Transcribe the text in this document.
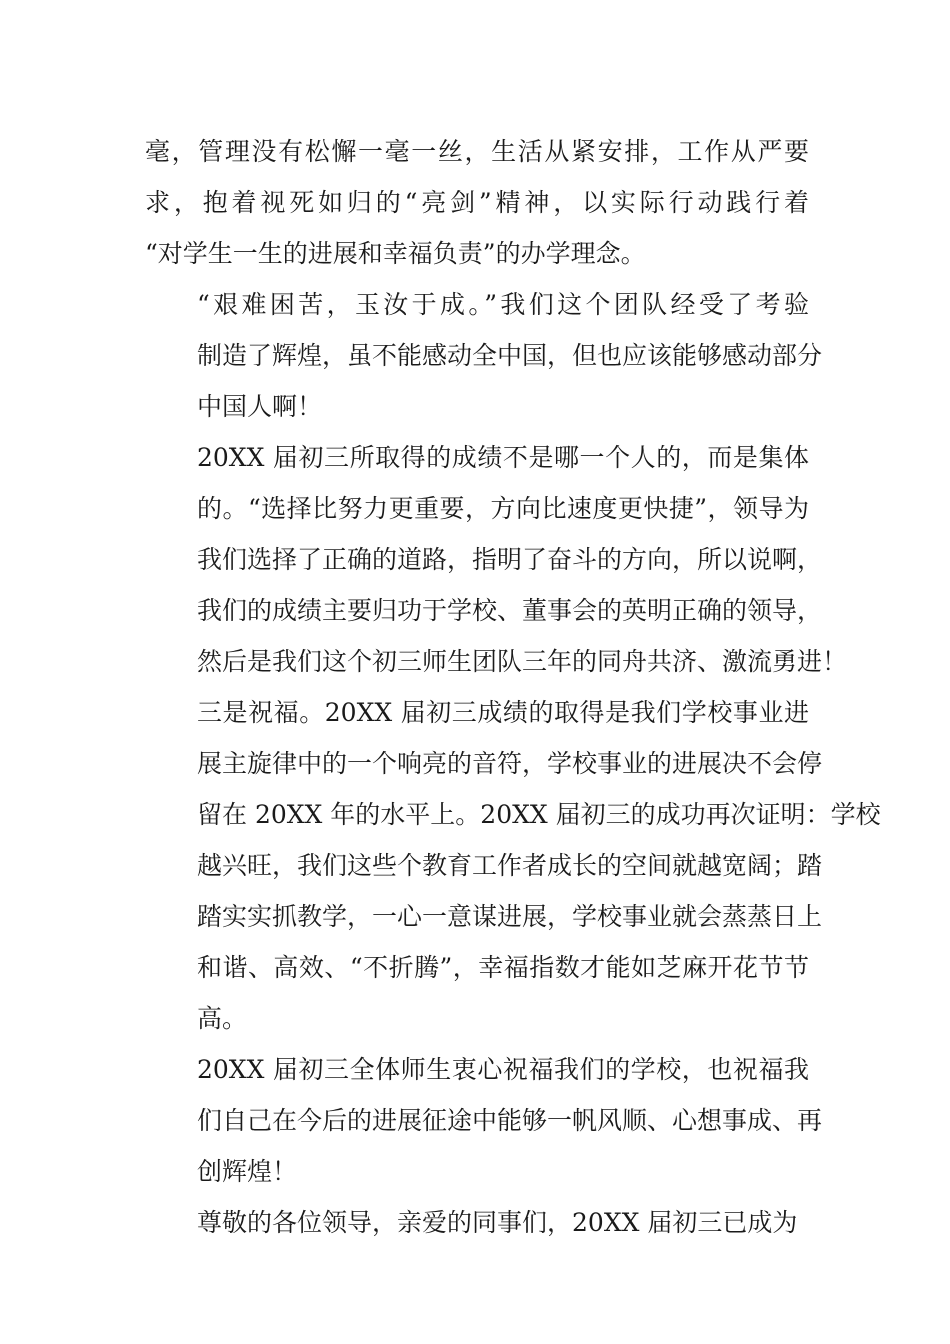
毫，管理没有松懈一毫一丝，生活从紧安排，工作从严要
求，抱着视死如归的“亮剑”精神，以实际行动践行着
“对学生一生的进展和幸福负责”的办学理念。

“艰难困苦，玉汝于成。”我们这个团队经受了考验
制造了辉煌，虽不能感动全中国，但也应该能够感动部分
中国人啊！

20XX 届初三所取得的成绩不是哪一个人的，而是集体
的。“选择比努力更重要，方向比速度更快捷”，领导为
我们选择了正确的道路，指明了奋斗的方向，所以说啊，
我们的成绩主要归功于学校、董事会的英明正确的领导，
然后是我们这个初三师生团队三年的同舟共济、激流勇进！

三是祝福。20XX 届初三成绩的取得是我们学校事业进
展主旋律中的一个响亮的音符，学校事业的进展决不会停
留在 20XX 年的水平上。20XX 届初三的成功再次证明：学校
越兴旺，我们这些个教育工作者成长的空间就越宽阔；踏
踏实实抓教学，一心一意谋进展，学校事业就会蒸蒸日上
和谐、高效、“不折腾”，幸福指数才能如芝麻开花节节
高。

20XX 届初三全体师生衷心祝福我们的学校，也祝福我
们自己在今后的进展征途中能够一帆风顺、心想事成、再
创辉煌！

尊敬的各位领导，亲爱的同事们，20XX 届初三已成为
